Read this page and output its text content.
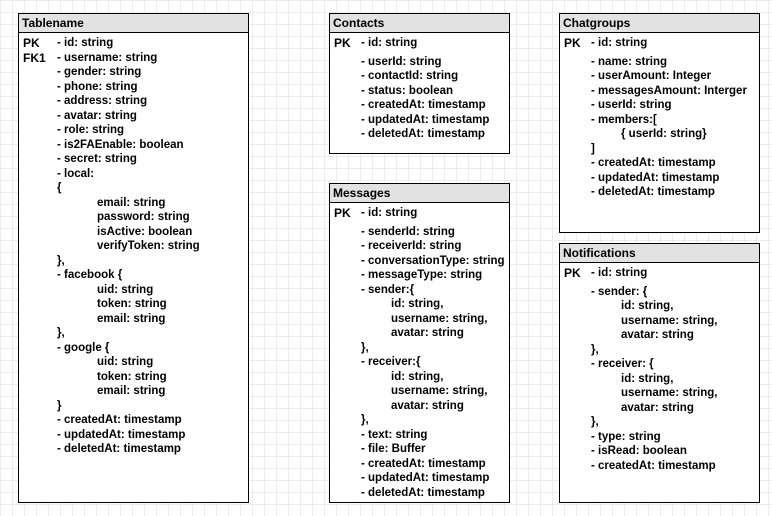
Tablename
PK
FK1
- id: string
- username: string
- gender: string
- phone: string
- address: string
- avatar: string
- role: string
- is2FAEnable: boolean
- secret: string
- local:
{
email: string
password: string
isActive: boolean
verifyToken: string
},
- facebook {
uid: string
token: string
email: string
},
- google {
uid: string
token: string
email: string
}
- createdAt: timestamp
- updatedAt: timestamp
- deletedAt: timestamp
Contacts
PK - id: string
- userId: string
- contactId: string
- status: boolean
- createdAt: timestamp
- updatedAt: timestamp
- deletedAt: timestamp
Chatgroups
PK - id: string
- name: string
- userAmount: Integer
- messagesAmount: Interger
- userId: string
- members:[
{ userId: string}
]
- createdAt: timestamp
- updatedAt: timestamp
- deletedAt: timestamp
Messages
PK - id: string
- senderId: string
- receiverId: string
- conversationType: string
- messageType: string
- sender:{
id: string,
username: string,
avatar: string
},
- receiver:{
id: string,
username: string,
avatar: string
},
- text: string
- file: Buffer
- createdAt: timestamp
- updatedAt: timestamp
- deletedAt: timestamp
Notifications
PK - id: string
- sender: {
id: string,
username: string,
avatar: string
},
- receiver: {
id: string,
username: string,
avatar: string
},
- type: string
- isRead: boolean
- createdAt: timestamp
